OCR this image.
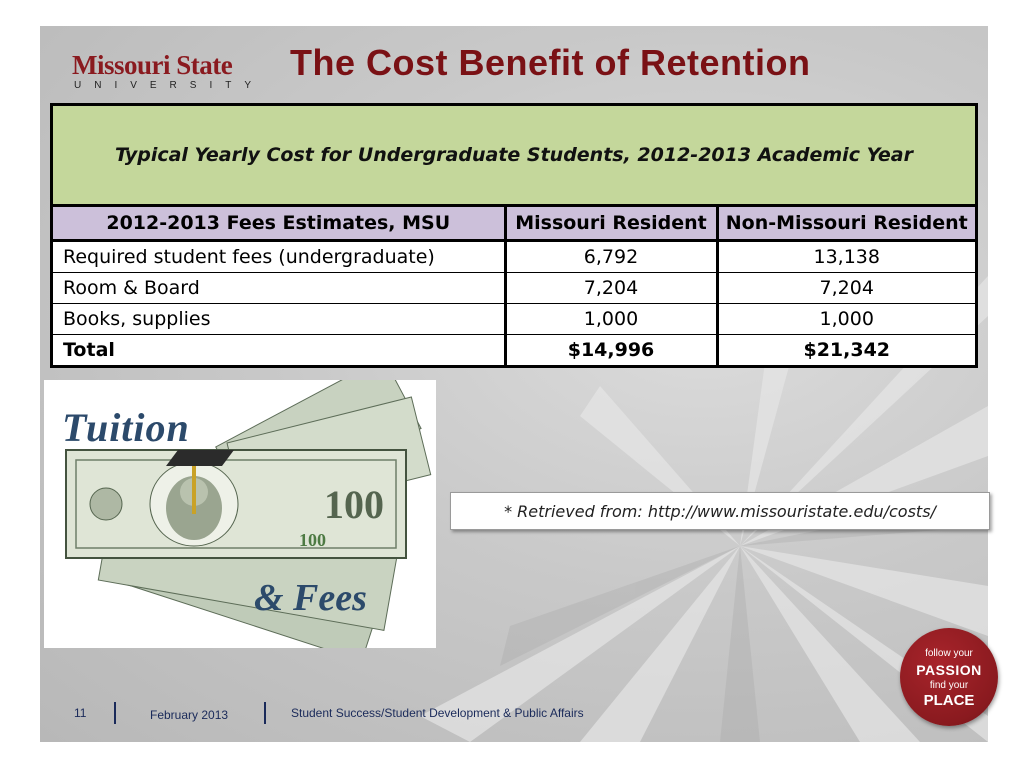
Missouri State
UNIVERSITY
The Cost Benefit of Retention
Typical Yearly Cost for Undergraduate Students, 2012-2013 Academic Year
2012-2013 Fees Estimates, MSU	Missouri Resident	Non-Missouri Resident
Required student fees (undergraduate)	6,792	13,138
Room & Board	7,204	7,204
Books, supplies	1,000	1,000
Total	$14,996	$21,342
100
100
Tuition
& Fees
* Retrieved from: http://www.missouristate.edu/costs/
follow your
PASSION
find your
PLACE
11	February 2013	Student Success/Student Development & Public Affairs
